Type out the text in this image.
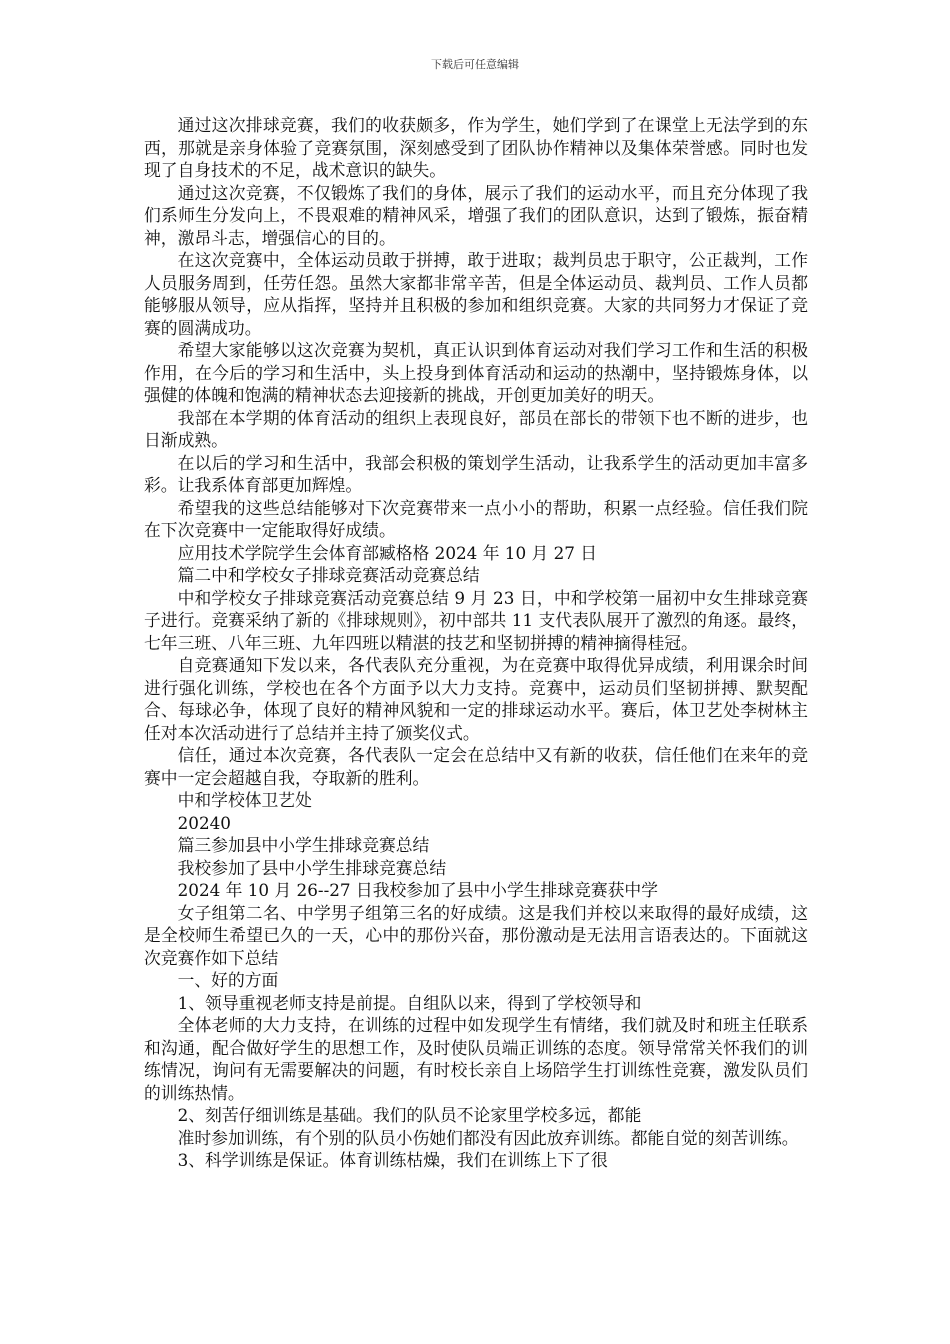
下载后可任意编辑

通过这次排球竞赛，我们的收获颇多，作为学生，她们学到了在课堂上无法学到的东西，那就是亲身体验了竞赛氛围，深刻感受到了团队协作精神以及集体荣誉感。同时也发现了自身技术的不足，战术意识的缺失。

通过这次竞赛，不仅锻炼了我们的身体，展示了我们的运动水平，而且充分体现了我们系师生分发向上，不畏艰难的精神风采，增强了我们的团队意识，达到了锻炼，振奋精神，激昂斗志，增强信心的目的。

在这次竞赛中，全体运动员敢于拼搏，敢于进取；裁判员忠于职守，公正裁判，工作人员服务周到，任劳任怨。虽然大家都非常辛苦，但是全体运动员、裁判员、工作人员都能够服从领导，应从指挥，坚持并且积极的参加和组织竞赛。大家的共同努力才保证了竞赛的圆满成功。

希望大家能够以这次竞赛为契机，真正认识到体育运动对我们学习工作和生活的积极作用，在今后的学习和生活中，头上投身到体育活动和运动的热潮中，坚持锻炼身体，以强健的体魄和饱满的精神状态去迎接新的挑战，开创更加美好的明天。

我部在本学期的体育活动的组织上表现良好，部员在部长的带领下也不断的进步，也日渐成熟。

在以后的学习和生活中，我部会积极的策划学生活动，让我系学生的活动更加丰富多彩。让我系体育部更加辉煌。

希望我的这些总结能够对下次竞赛带来一点小小的帮助，积累一点经验。信任我们院在下次竞赛中一定能取得好成绩。

应用技术学院学生会体育部臧格格 2024 年 10 月 27 日

篇二中和学校女子排球竞赛活动竞赛总结

中和学校女子排球竞赛活动竞赛总结 9 月 23 日，中和学校第一届初中女生排球竞赛子进行。竞赛采纳了新的《排球规则》，初中部共 11 支代表队展开了激烈的角逐。最终，七年三班、八年三班、九年四班以精湛的技艺和坚韧拼搏的精神摘得桂冠。

自竞赛通知下发以来，各代表队充分重视，为在竞赛中取得优异成绩，利用课余时间进行强化训练，学校也在各个方面予以大力支持。竞赛中，运动员们坚韧拼搏、默契配合、每球必争，体现了良好的精神风貌和一定的排球运动水平。赛后，体卫艺处李树林主任对本次活动进行了总结并主持了颁奖仪式。

信任，通过本次竞赛，各代表队一定会在总结中又有新的收获，信任他们在来年的竞赛中一定会超越自我，夺取新的胜利。

中和学校体卫艺处

20240

篇三参加县中小学生排球竞赛总结

我校参加了县中小学生排球竞赛总结

2024 年 10 月 26--27 日我校参加了县中小学生排球竞赛获中学

女子组第二名、中学男子组第三名的好成绩。这是我们并校以来取得的最好成绩，这是全校师生希望已久的一天，心中的那份兴奋，那份激动是无法用言语表达的。下面就这次竞赛作如下总结

一、好的方面

1、领导重视老师支持是前提。自组队以来，得到了学校领导和

全体老师的大力支持，在训练的过程中如发现学生有情绪，我们就及时和班主任联系和沟通，配合做好学生的思想工作，及时使队员端正训练的态度。领导常常关怀我们的训练情况，询问有无需要解决的问题，有时校长亲自上场陪学生打训练性竞赛，激发队员们的训练热情。

2、刻苦仔细训练是基础。我们的队员不论家里学校多远，都能

准时参加训练，有个别的队员小伤她们都没有因此放弃训练。都能自觉的刻苦训练。

3、科学训练是保证。体育训练枯燥，我们在训练上下了很
